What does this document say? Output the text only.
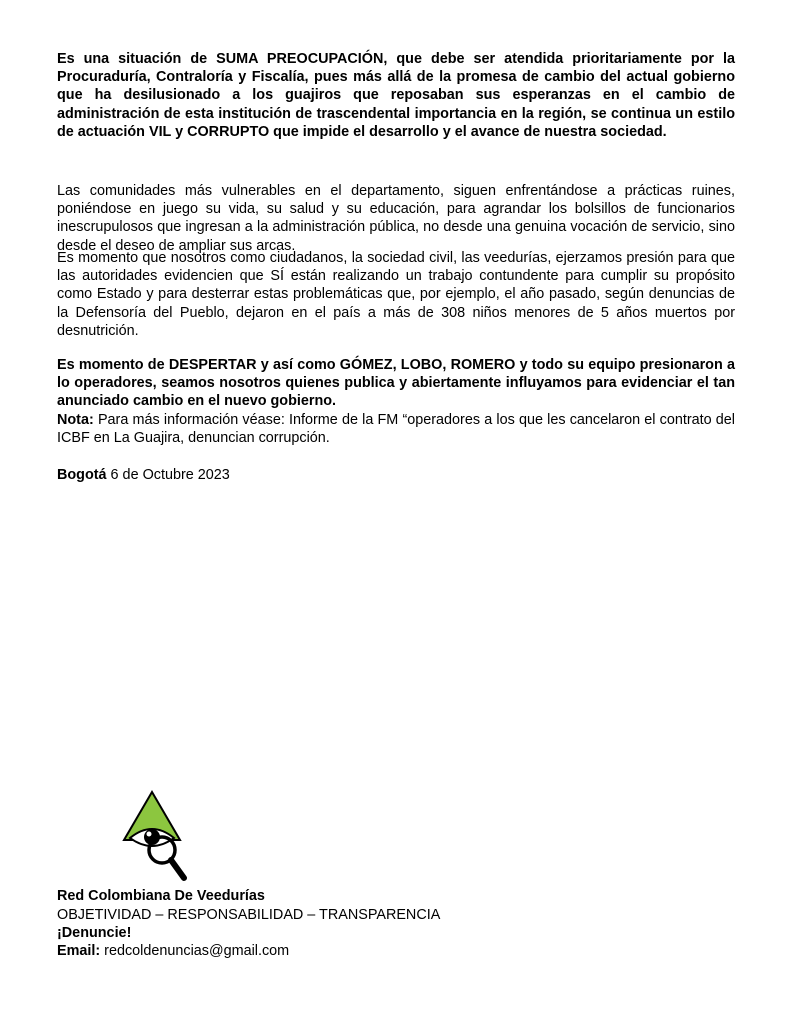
Es una situación de SUMA PREOCUPACIÓN, que debe ser atendida prioritariamente por la Procuraduría, Contraloría y Fiscalía, pues más allá de la promesa de cambio del actual gobierno que ha desilusionado a los guajiros que reposaban sus esperanzas en el cambio de administración de esta institución de trascendental importancia en la región, se continua un estilo de actuación VIL y CORRUPTO que impide el desarrollo y el avance de nuestra sociedad.

Las comunidades más vulnerables en el departamento, siguen enfrentándose a prácticas ruines, poniéndose en juego su vida, su salud y su educación, para agrandar los bolsillos de funcionarios inescrupulosos que ingresan a la administración pública, no desde una genuina vocación de servicio, sino desde el deseo de ampliar sus arcas.

Es momento que nosotros como ciudadanos, la sociedad civil, las veedurías, ejerzamos presión para que las autoridades evidencien que SÍ están realizando un trabajo contundente para cumplir su propósito como Estado y para desterrar estas problemáticas que, por ejemplo, el año pasado, según denuncias de la Defensoría del Pueblo, dejaron en el país a más de 308 niños menores de 5 años muertos por desnutrición.

Es momento de DESPERTAR y así como GÓMEZ, LOBO, ROMERO y todo su equipo presionaron a lo operadores, seamos nosotros quienes publica y abiertamente influyamos para evidenciar el tan anunciado cambio en el nuevo gobierno.

Nota: Para más información véase: Informe de la FM “operadores a los que les cancelaron el contrato del ICBF en La Guajira, denuncian corrupción.

Bogotá 6 de Octubre 2023

Red Colombiana De Veedurías

OBJETIVIDAD – RESPONSABILIDAD – TRANSPARENCIA

¡Denuncie!

Email: redcoldenuncias@gmail.com
